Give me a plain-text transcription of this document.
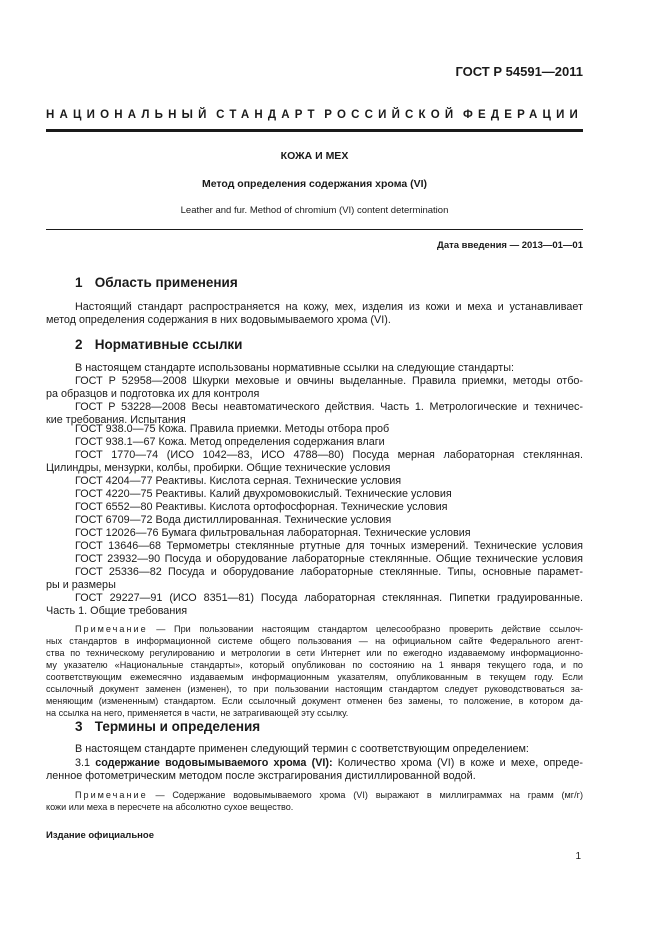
ГОСТ Р 54591—2011
НАЦИОНАЛЬНЫЙ СТАНДАРТ РОССИЙСКОЙ ФЕДЕРАЦИИ
КОЖА И МЕХ
Метод определения содержания хрома (VI)
Leather and fur. Method of chromium (VI) content determination
Дата введения — 2013—01—01
1 Область применения
Настоящий стандарт распространяется на кожу, мех, изделия из кожи и меха и устанавливает
метод определения содержания в них водовымываемого хрома (VI).
2 Нормативные ссылки
В настоящем стандарте использованы нормативные ссылки на следующие стандарты:
ГОСТ Р 52958—2008 Шкурки меховые и овчины выделанные. Правила приемки, методы отбо-
ра образцов и подготовка их для контроля
ГОСТ Р 53228—2008 Весы неавтоматического действия. Часть 1. Метрологические и техничес-
кие требования. Испытания
ГОСТ 938.0—75 Кожа. Правила приемки. Методы отбора проб
ГОСТ 938.1—67 Кожа. Метод определения содержания влаги
ГОСТ 1770—74 (ИСО 1042—83, ИСО 4788—80) Посуда мерная лабораторная стеклянная.
Цилиндры, мензурки, колбы, пробирки. Общие технические условия
ГОСТ 4204—77 Реактивы. Кислота серная. Технические условия
ГОСТ 4220—75 Реактивы. Калий двухромовокислый. Технические условия
ГОСТ 6552—80 Реактивы. Кислота ортофосфорная. Технические условия
ГОСТ 6709—72 Вода дистиллированная. Технические условия
ГОСТ 12026—76 Бумага фильтровальная лабораторная. Технические условия
ГОСТ 13646—68 Термометры стеклянные ртутные для точных измерений. Технические условия
ГОСТ 23932—90 Посуда и оборудование лабораторные стеклянные. Общие технические условия
ГОСТ 25336—82 Посуда и оборудование лабораторные стеклянные. Типы, основные парамет-
ры и размеры
ГОСТ 29227—91 (ИСО 8351—81) Посуда лабораторная стеклянная. Пипетки градуированные.
Часть 1. Общие требования
Примечание — При пользовании настоящим стандартом целесообразно проверить действие ссылоч-
ных стандартов в информационной системе общего пользования — на официальном сайте Федерального агент-
ства по техническому регулированию и метрологии в сети Интернет или по ежегодно издаваемому информационно-
му указателю «Национальные стандарты», который опубликован по состоянию на 1 января текущего года, и по
соответствующим ежемесячно издаваемым информационным указателям, опубликованным в текущем году. Если
ссылочный документ заменен (изменен), то при пользовании настоящим стандартом следует руководствоваться за-
меняющим (измененным) стандартом. Если ссылочный документ отменен без замены, то положение, в котором да-
на ссылка на него, применяется в части, не затрагивающей эту ссылку.
3 Термины и определения
В настоящем стандарте применен следующий термин с соответствующим определением:
3.1 содержание водовымываемого хрома (VI): Количество хрома (VI) в коже и мехе, опреде-
ленное фотометрическим методом после экстрагирования дистиллированной водой.
Примечание — Содержание водовымываемого хрома (VI) выражают в миллиграммах на грамм (мг/г)
кожи или меха в пересчете на абсолютно сухое вещество.
Издание официальное
1
